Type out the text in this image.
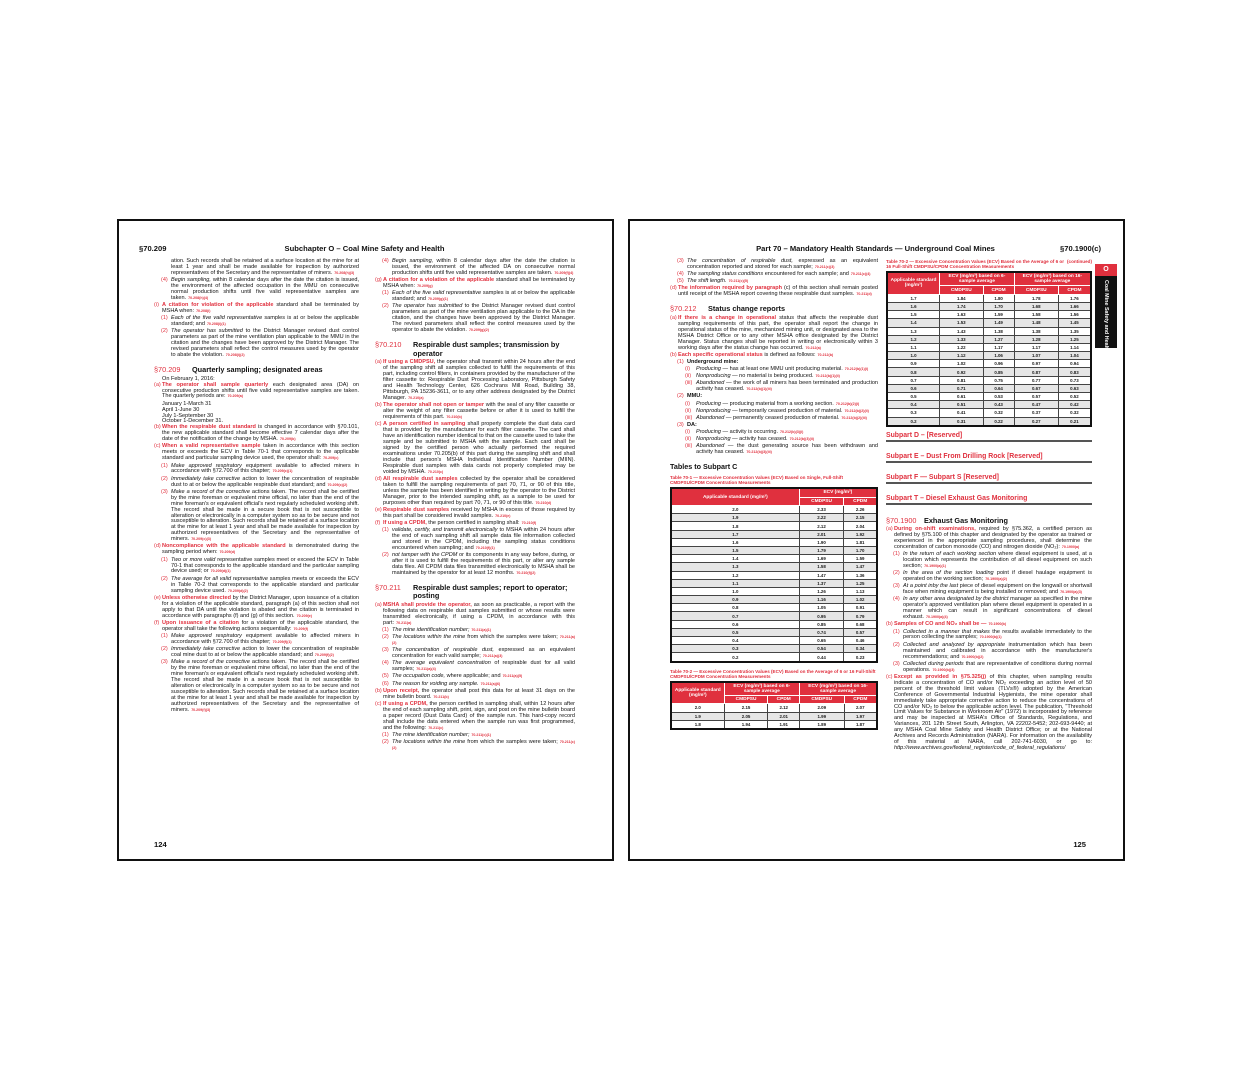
§70.209	Subchapter O – Coal Mine Safety and Health
ation. Such records shall be retained at a surface location at the mine for at least 1 year and shall be made available for inspection by authorized representatives of the Secretary and the representative of miners. 70.208(h)(3)
(4) Begin sampling, within 8 calendar days after the date the citation is issued, the environment of the affected occupation in the MMU on consecutive normal production shifts until five valid representative samples are taken. 70.208(h)(4)
(i) A citation for violation of the applicable standard shall be terminated by MSHA when: 70.208(i)
(1) Each of the five valid representative samples is at or below the applicable standard; and 70.208(i)(1)
(2) The operator has submitted to the District Manager revised dust control parameters as part of the mine ventilation plan applicable to the MMU in the citation and the changes have been approved by the District Manager. The revised parameters shall reflect the control measures used by the operator to abate the violation. 70.208(i)(2)
§70.209	Quarterly sampling; designated areas
On February 1, 2016:
(a) The operator shall sample quarterly each designated area (DA) on consecutive production shifts until five valid representative samples are taken. The quarterly periods are: 70.209(a)
January 1-March 31
April 1-June 30
July 1-September 30
October 1-December 31.
(b) When the respirable dust standard is changed in accordance with §70.101, the new applicable standard shall become effective 7 calendar days after the date of the notification of the change by MSHA. 70.209(b)
(c) When a valid representative sample taken in accordance with this section meets or exceeds the ECV in Table 70-1 that corresponds to the applicable standard and particular sampling device used, the operator shall: 70.209(c)
(1) Make approved respiratory equipment available to affected miners in accordance with §72.700 of this chapter; 70.209(c)(1)
(2) Immediately take corrective action to lower the concentration of respirable dust to at or below the applicable respirable dust standard; and 70.209(c)(2)
(3) Make a record of the corrective actions taken. The record shall be certified by the mine foreman or equivalent mine official, no later than the end of the mine foreman's or equivalent official's next regularly scheduled working shift. The record shall be made in a secure book that is not susceptible to alteration or electronically in a computer system so as to be secure and not susceptible to alteration. Such records shall be retained at a surface location at the mine for at least 1 year and shall be made available for inspection by authorized representatives of the Secretary and the representative of miners. 70.209(c)(3)
(d) Noncompliance with the applicable standard is demonstrated during the sampling period when: 70.209(d)
(1) Two or more valid representative samples meet or exceed the ECV in Table 70-1 that corresponds to the applicable standard and the particular sampling device used; or 70.209(d)(1)
(2) The average for all valid representative samples meets or exceeds the ECV in Table 70-2 that corresponds to the applicable standard and particular sampling device used. 70.209(d)(2)
(e) Unless otherwise directed by the District Manager, upon issuance of a citation for a violation of the applicable standard, paragraph (a) of this section shall not apply to that DA until the violation is abated and the citation is terminated in accordance with paragraphs (f) and (g) of this section. 70.209(e)
(f) Upon issuance of a citation for a violation of the applicable standard, the operator shall take the following actions sequentially: 70.209(f)
(1) Make approved respiratory equipment available to affected miners in accordance with §72.700 of this chapter; 70.209(f)(1)
(2) Immediately take corrective action to lower the concentration of respirable coal mine dust to at or below the applicable standard; and 70.209(f)(2)
(3) Make a record of the corrective actions taken. The record shall be certified by the mine foreman or equivalent mine official, no later than the end of the mine foreman's or equivalent official's next regularly scheduled working shift. The record shall be made in a secure book that is not susceptible to alteration or electronically in a computer system so as to be secure and not susceptible to alteration. Such records shall be retained at a surface location at the mine for at least 1 year and shall be made available for inspection by authorized representatives of the Secretary and the representative of miners. 70.209(f)(3)
(4) Begin sampling, within 8 calendar days after the date the citation is issued, the environment of the affected DA on consecutive normal production shifts until five valid representative samples are taken. 70.209(f)(4)
(g) A citation for a violation of the applicable standard shall be terminated by MSHA when: 70.209(g)
(1) Each of the five valid representative samples is at or below the applicable standard; and 70.209(g)(1)
(2) The operator has submitted to the District Manager revised dust control parameters as part of the mine ventilation plan applicable to the DA in the citation, and the changes have been approved by the District Manager. The revised parameters shall reflect the control measures used by the operator to abate the violation. 70.209(g)(2)
§70.210	Respirable dust samples; transmission by operator
(a) If using a CMDPSU, the operator shall transmit within 24 hours after the end of the sampling shift all samples collected to fulfill the requirements of this part, including control filters, in containers provided by the manufacturer of the filter cassette to: Respirable Dust Processing Laboratory, Pittsburgh Safety and Health Technology Center, 626 Cochrans Mill Road, Building 38, Pittsburgh, PA 15236-3611, or to any other address designated by the District Manager. 70.210(a)
(b) The operator shall not open or tamper with the seal of any filter cassette or alter the weight of any filter cassette before or after it is used to fulfill the requirements of this part. 70.210(b)
(c) A person certified in sampling shall properly complete the dust data card that is provided by the manufacturer for each filter cassette. The card shall have an identification number identical to that on the cassette used to take the sample and be submitted to MSHA with the sample. Each card shall be signed by the certified person who actually performed the required examinations under 70.205(b) of this part during the sampling shift and shall include that person's MSHA Individual Identification Number (MIIN). Respirable dust samples with data cards not properly completed may be voided by MSHA. 70.210(c)
(d) All respirable dust samples collected by the operator shall be considered taken to fulfill the sampling requirements of part 70, 71, or 90 of this title, unless the sample has been identified in writing by the operator to the District Manager, prior to the intended sampling shift, as a sample to be used for purposes other than required by part 70, 71, or 90 of this title. 70.210(d)
(e) Respirable dust samples received by MSHA in excess of those required by this part shall be considered invalid samples. 70.210(e)
(f) If using a CPDM, the person certified in sampling shall: 70.210(f)
(1) validate, certify, and transmit electronically to MSHA within 24 hours after the end of each sampling shift all sample data file information collected and stored in the CPDM, including the sampling status conditions encountered when sampling; and 70.210(f)(1)
(2) not tamper with the CPDM or its components in any way before, during, or after it is used to fulfill the requirements of this part, or alter any sample data files. All CPDM data files transmitted electronically to MSHA shall be maintained by the operator for at least 12 months. 70.210(f)(2)
§70.211	Respirable dust samples; report to operator; posting
(a) MSHA shall provide the operator, as soon as practicable, a report with the following data on respirable dust samples submitted or whose results were transmitted electronically, if using a CPDM, in accordance with this part: 70.211(a)
(1) The mine identification number; 70.211(a)(1)
(2) The locations within the mine from which the samples were taken; 70.211(a)(2)
(3) The concentration of respirable dust, expressed as an equivalent concentration for each valid sample; 70.211(a)(3)
(4) The average equivalent concentration of respirable dust for all valid samples; 70.211(a)(4)
(5) The occupation code, where applicable; and 70.211(a)(5)
(6) The reason for voiding any sample. 70.211(a)(6)
(b) Upon receipt, the operator shall post this data for at least 31 days on the mine bulletin board. 70.211(b)
(c) If using a CPDM, the person certified in sampling shall, within 12 hours after the end of each sampling shift, print, sign, and post on the mine bulletin board a paper record (Dust Data Card) of the sample run. This hard-copy record shall include the data entered when the sample run was first programmed, and the following: 70.211(c)
(1) The mine identification number; 70.211(c)(1)
(2) The locations within the mine from which the samples were taken; 70.211(c)(2)
124
Part 70 – Mandatory Health Standards — Underground Coal Mines	§70.1900(c)
(3) The concentration of respirable dust, expressed as an equivalent concentration reported and stored for each sample; 70.211(c)(3)
(4) The sampling status conditions encountered for each sample; and 70.211(c)(4)
(5) The shift length. 70.211(c)(5)
(d) The information required by paragraph (c) of this section shall remain posted until receipt of the MSHA report covering these respirable dust samples. 70.211(d)
§70.212	Status change reports
(a) If there is a change in operational status that affects the respirable dust sampling requirements of this part, the operator shall report the change in operational status of the mine, mechanized mining unit, or designated area to the MSHA District Office or to any other MSHA office designated by the District Manager. Status changes shall be reported in writing or electronically within 3 working days after the status change has occurred. 70.212(a)
(b) Each specific operational status is defined as follows: 70.212(b)
(1) Underground mine:
(i) Producing — has at least one MMU unit producing material. 70.212(b)(1)(i)
(ii) Nonproducing — no material is being produced. 70.212(b)(1)(ii)
(iii) Abandoned — the work of all miners has been terminated and production activity has ceased. 70.212(b)(1)(iii)
(2) MMU:
(i) Producing — producing material from a working section. 70.212(b)(2)(i)
(ii) Nonproducing — temporarily ceased production of material. 70.212(b)(2)(ii)
(iii) Abandoned — permanently ceased production of material. 70.212(b)(2)(iii)
(3) DA:
(i) Producing — activity is occurring. 70.212(b)(3)(i)
(ii) Nonproducing — activity has ceased. 70.212(b)(3)(ii)
(iii) Abandoned — the dust generating source has been withdrawn and activity has ceased. 70.212(b)(3)(iii)
Tables to Subpart C
Table 70-1 — Excessive Concentration Values (ECV) Based on Single, Full-Shift CMDPSU/CPDM Concentration Measurements
Applicable standard (mg/m³)	ECV (mg/m³)	
	CMDPSU	CPDM
2.0	2.33	2.26
1.9	2.22	2.15
1.8	2.12	2.04
1.7	2.01	1.92
1.6	1.90	1.81
1.5	1.79	1.70
1.4	1.69	1.59
1.3	1.58	1.47
1.2	1.47	1.36
1.1	1.37	1.25
1.0	1.26	1.13
0.9	1.16	1.02
0.8	1.05	0.91
0.7	0.95	0.79
0.6	0.85	0.68
0.5	0.74	0.57
0.4	0.65	0.46
0.3	0.54	0.34
0.2	0.44	0.23
Table 70-2 — Excessive Concentration Values (ECV) Based on the Average of 6 or 16 Full-Shift CMDPSU/CPDM Concentration Measurements
Applicable standard (mg/m³)	ECV (mg/m³) based on 6-sample average		ECV (mg/m³) based on 16-sample average	
	CMDPSU	CPDM	CMDPSU	CPDM
2.0	2.15	2.12	2.09	2.07
1.9	2.05	2.01	1.99	1.97
1.8	1.94	1.91	1.89	1.87
Table 70-2 — Excessive Concentration Values (ECV) Based on the Average of 6 or 16 Full-Shift CMDPSU/CPDM Concentration Measurements
(continued)
Applicable standard (mg/m³)	ECV (mg/m³) based on 6-sample average		ECV (mg/m³) based on 16-sample average	
	CMDPSU	CPDM	CMDPSU	CPDM
1.7	1.84	1.80	1.78	1.76
1.6	1.74	1.70	1.68	1.66
1.5	1.63	1.59	1.58	1.56
1.4	1.53	1.49	1.48	1.45
1.3	1.43	1.38	1.38	1.35
1.2	1.33	1.27	1.28	1.25
1.1	1.22	1.17	1.17	1.14
1.0	1.12	1.06	1.07	1.04
0.9	1.02	0.96	0.97	0.94
0.8	0.92	0.85	0.87	0.83
0.7	0.81	0.75	0.77	0.73
0.6	0.71	0.64	0.67	0.63
0.5	0.61	0.53	0.57	0.52
0.4	0.51	0.43	0.47	0.42
0.3	0.41	0.32	0.37	0.32
0.2	0.31	0.22	0.27	0.21
Subpart D – [Reserved]
Subpart E – Dust From Drilling Rock [Reserved]
Subpart F — Subpart S [Reserved]
Subpart T – Diesel Exhaust Gas Monitoring
§70.1900	Exhaust Gas Monitoring
(a) During on-shift examinations, required by §75.362, a certified person as defined by §75.100 of this chapter and designated by the operator as trained or experienced in the appropriate sampling procedures, shall determine the concentration of carbon monoxide (CO) and nitrogen dioxide (NO₂): 70.1900(a)
(1) In the return of each working section where diesel equipment is used, at a location which represents the contribution of all diesel equipment on such section; 70.1900(a)(1)
(2) In the area of the section loading point if diesel haulage equipment is operated on the working section; 70.1900(a)(2)
(3) At a point inby the last piece of diesel equipment on the longwall or shortwall face when mining equipment is being installed or removed; and 70.1900(a)(3)
(4) In any other area designated by the district manager as specified in the mine operator's approved ventilation plan where diesel equipment is operated in a manner which can result in significant concentrations of diesel exhaust. 70.1900(a)(4)
(b) Samples of CO and NO₂ shall be — 70.1900(b)
(1) Collected in a manner that makes the results available immediately to the person collecting the samples; 70.1900(b)(1)
(2) Collected and analyzed by appropriate instrumentation which has been maintained and calibrated in accordance with the manufacturer's recommendations; and 70.1900(b)(2)
(3) Collected during periods that are representative of conditions during normal operations. 70.1900(b)(3)
(c) Except as provided in §75.325(j) of this chapter, when sampling results indicate a concentration of CO and/or NO₂ exceeding an action level of 50 percent of the threshold limit values (TLVs®) adopted by the American Conference of Governmental Industrial Hygienists, the mine operator shall immediately take appropriate corrective action to reduce the concentrations of CO and/or NO₂ to below the applicable action level. The publication, "Threshold Limit Values for Substance in Workroom Air" (1972) is incorporated by reference and may be inspected at MSHA's Office of Standards, Regulations, and Variances, 201 12th Street South, Arlington, VA 22202-5452; 202-693-9440; at any MSHA Coal Mine Safety and Health District Office; or at the National Archives and Records Administration (NARA). For information on the availability of this material at NARA, call 202-741-6030, or go to: http://www.archives.gov/federal_register/code_of_federal_regulations/
O
Coal Mine Safety and Health
125
